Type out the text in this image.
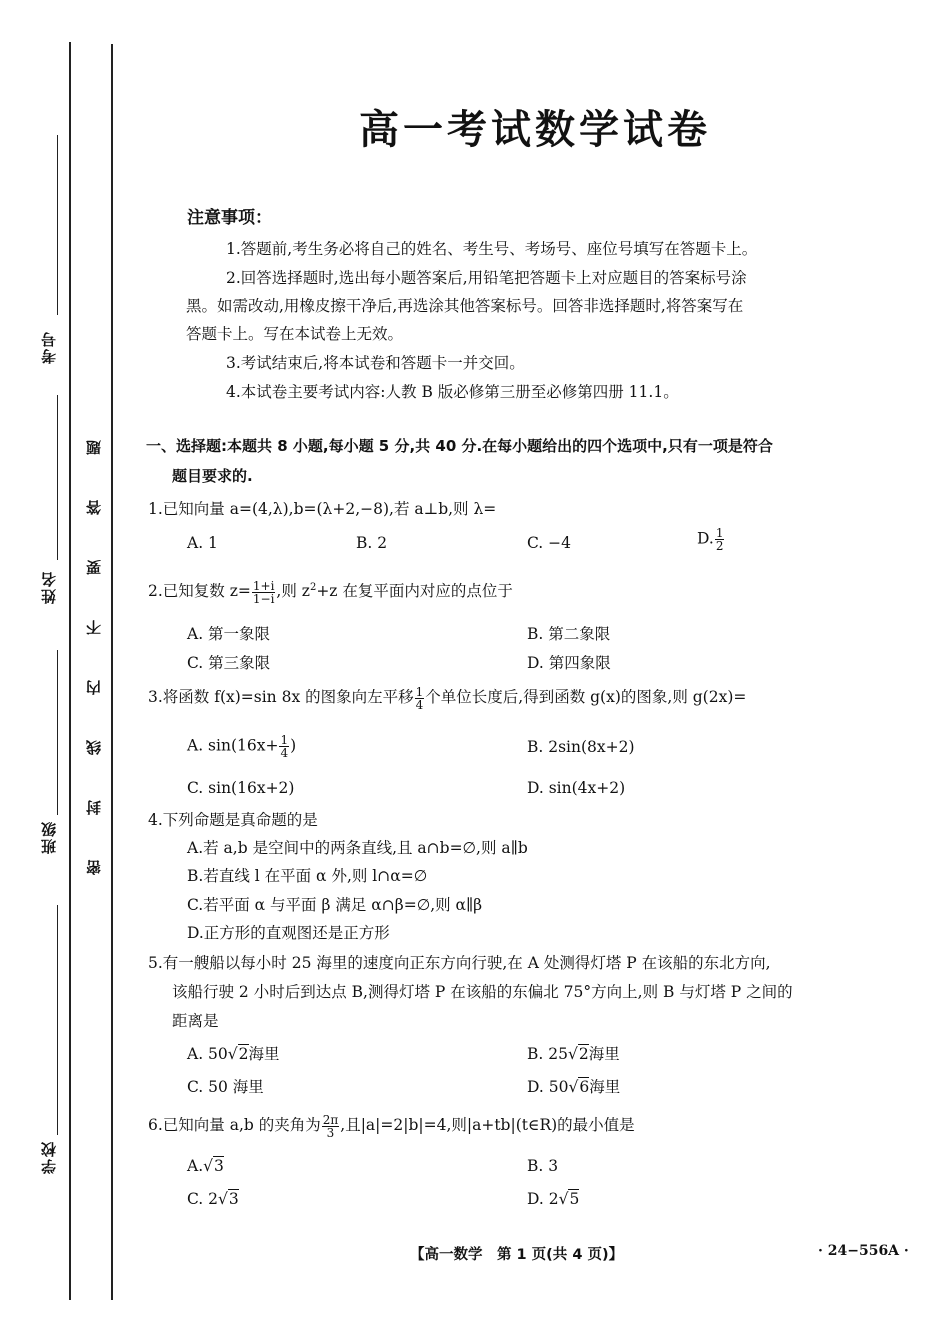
考号
姓名
班级
学校
题
答
要
不
内
线
封
密
高一考试数学试卷
注意事项：
1.答题前,考生务必将自己的姓名、考生号、考场号、座位号填写在答题卡上。
2.回答选择题时,选出每小题答案后,用铅笔把答题卡上对应题目的答案标号涂
黑。如需改动,用橡皮擦干净后,再选涂其他答案标号。回答非选择题时,将答案写在
答题卡上。写在本试卷上无效。
3.考试结束后,将本试卷和答题卡一并交回。
4.本试卷主要考试内容:人教 B 版必修第三册至必修第四册 11.1。
一、选择题:本题共 8 小题,每小题 5 分,共 40 分.在每小题给出的四个选项中,只有一项是符合
题目要求的.
1.已知向量 a=(4,λ),b=(λ+2,−8),若 a⊥b,则 λ=
A. 1	B. 2	C. −4	D. $\frac{1}{2}$
2.已知复数 $z= \frac{1+i}{1-i}$ ,则 $z^2+z$ 在复平面内对应的点位于
A. 第一象限	B. 第二象限
C. 第三象限	D. 第四象限
3.将函数 f(x)=sin 8x 的图象向左平移 $\frac{1}{4}$ 个单位长度后,得到函数 g(x)的图象,则 g(2x)=
A. $\sin(16x+ \frac{1}{4}$ )	B. 2sin(8x+2)
C. sin(16x+2)	D. sin(4x+2)
4.下列命题是真命题的是
A.若 a,b 是空间中的两条直线,且 a∩b=∅,则 a∥b
B.若直线 l 在平面 α 外,则 l∩α=∅
C.若平面 α 与平面 β 满足 α∩β=∅,则 α∥β
D.正方形的直观图还是正方形
5.有一艘船以每小时 25 海里的速度向正东方向行驶,在 A 处测得灯塔 P 在该船的东北方向,
该船行驶 2 小时后到达点 B,测得灯塔 P 在该船的东偏北 75°方向上,则 B 与灯塔 P 之间的
距离是
A. 50√2海里	B. 25√2海里
C. 50 海里	D. 50√6海里
6.已知向量 a,b 的夹角为 $\frac{2\pi}{3}$ ,且|a|=2|b|=4,则|a+tb|(t∈R)的最小值是
A.√3	B. 3
C. 2√3	D. 2√5
【高一数学　第 1 页(共 4 页)】	· 24−556A ·
